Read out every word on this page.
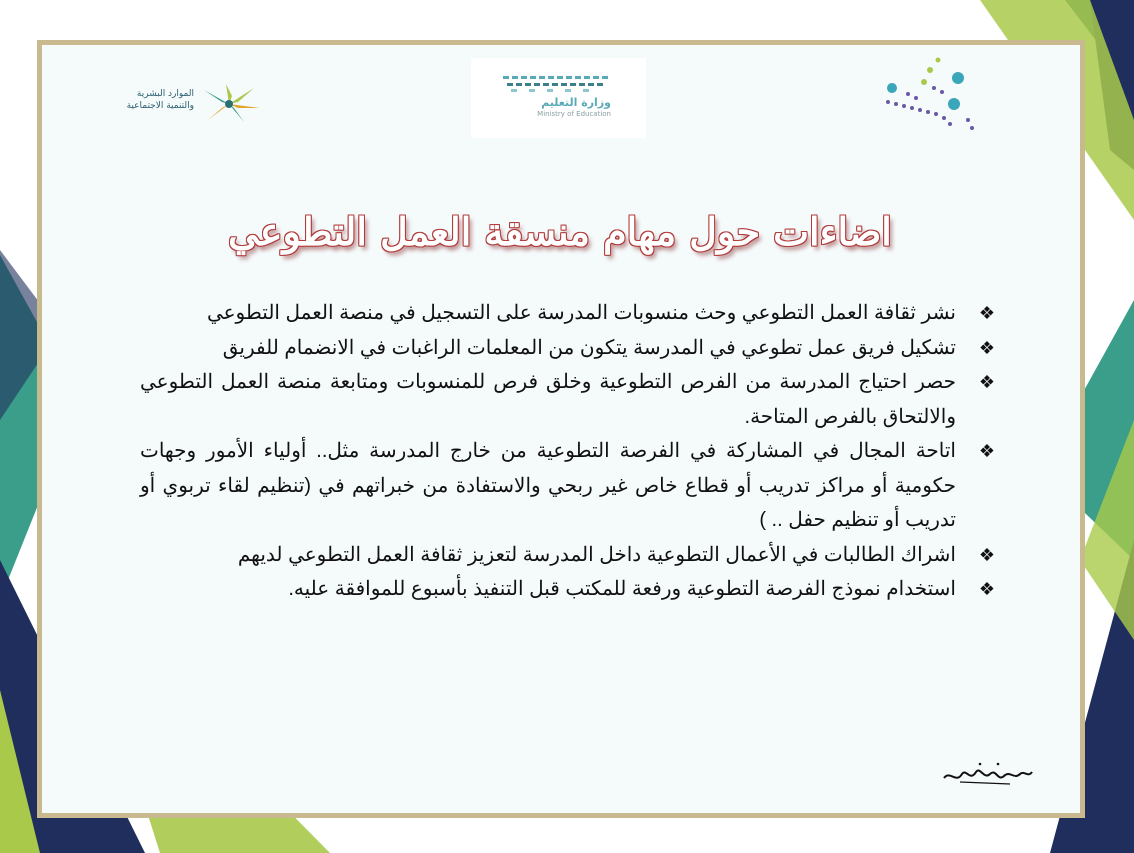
الموارد البشرية
والتنمية الاجتماعية	وزارة التعليم
Ministry of Education
اضاءات حول مهام منسقة العمل التطوعي
❖
نشر ثقافة العمل التطوعي وحث منسوبات المدرسة على التسجيل في منصة العمل التطوعي
❖
تشكيل فريق عمل تطوعي في المدرسة يتكون من المعلمات الراغبات في الانضمام للفريق
❖
حصر احتياج المدرسة من الفرص التطوعية وخلق فرص للمنسوبات ومتابعة منصة العمل التطوعي والالتحاق بالفرص المتاحة.
❖
اتاحة المجال في المشاركة في الفرصة التطوعية من خارج المدرسة مثل.. أولياء الأمور وجهات حكومية أو مراكز تدريب أو قطاع خاص غير ربحي والاستفادة من خبراتهم في (تنظيم لقاء تربوي أو تدريب أو تنظيم حفل .. )
❖
اشراك الطالبات في الأعمال التطوعية داخل المدرسة لتعزيز ثقافة العمل التطوعي لديهم
❖
استخدام نموذج الفرصة التطوعية ورفعة للمكتب قبل التنفيذ بأسبوع للموافقة عليه.
